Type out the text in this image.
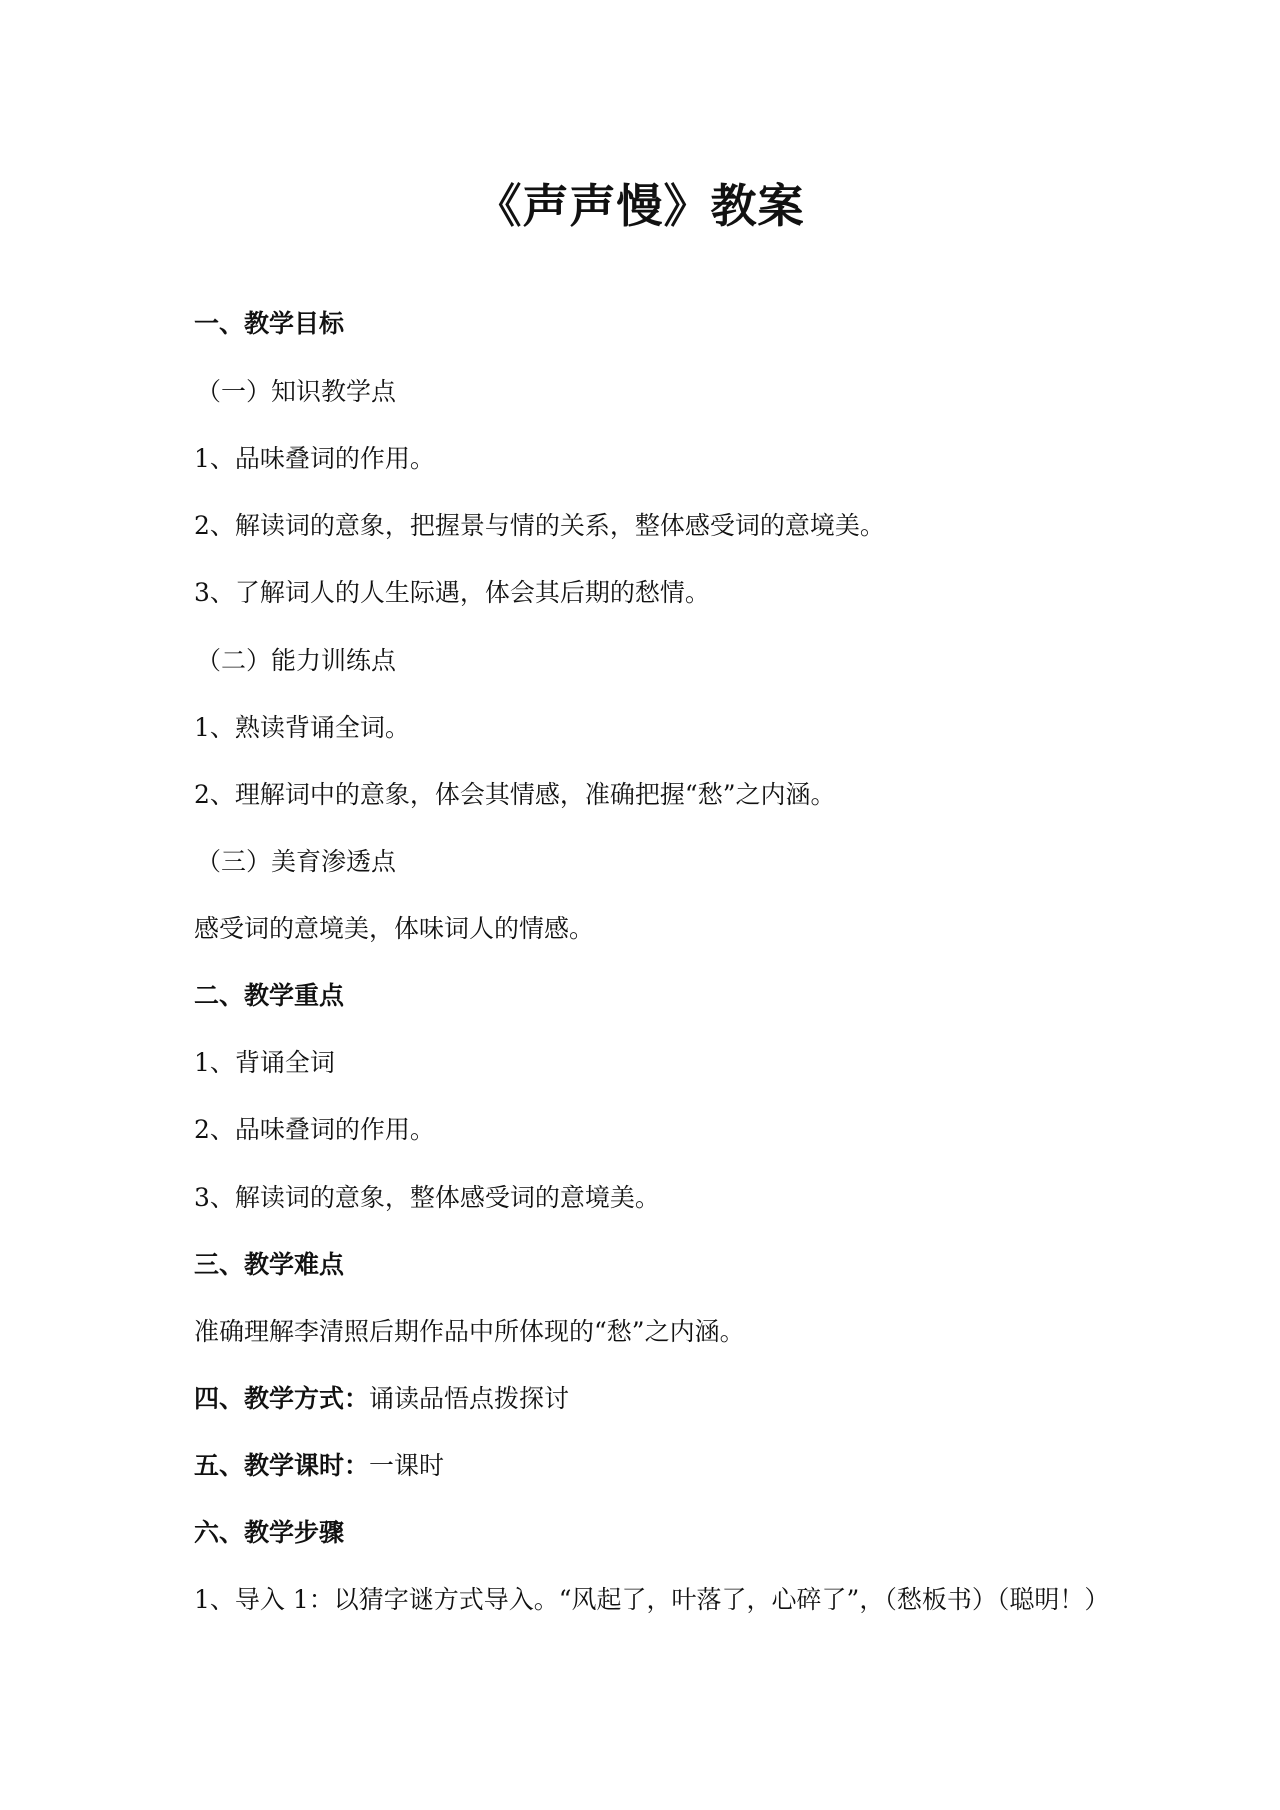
《声声慢》教案

一、教学目标

（一）知识教学点

1、品味叠词的作用。

2、解读词的意象，把握景与情的关系，整体感受词的意境美。

3、了解词人的人生际遇，体会其后期的愁情。

（二）能力训练点

1、熟读背诵全词。

2、理解词中的意象，体会其情感，准确把握“愁”之内涵。

（三）美育渗透点

感受词的意境美，体味词人的情感。

二、教学重点

1、背诵全词

2、品味叠词的作用。

3、解读词的意象，整体感受词的意境美。

三、教学难点

准确理解李清照后期作品中所体现的“愁”之内涵。

四、教学方式：诵读品悟点拨探讨

五、教学课时：一课时

六、教学步骤

1、导入 1：以猜字谜方式导入。“风起了，叶落了，心碎了”，（愁板书）（聪明！）
